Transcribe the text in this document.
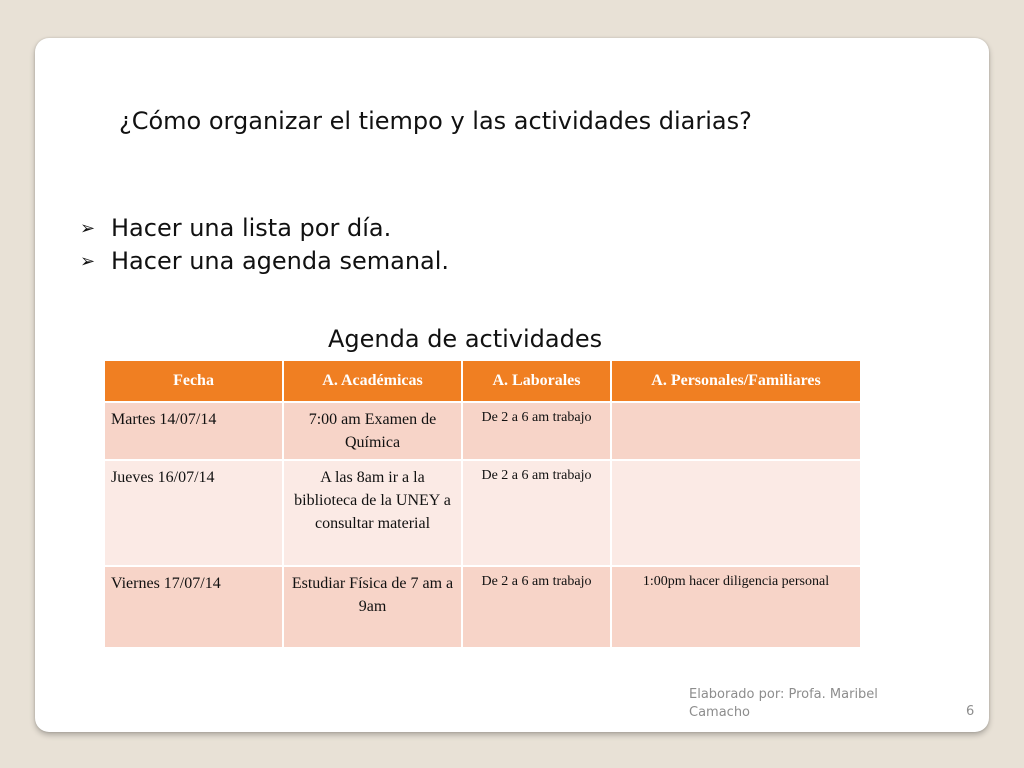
¿Cómo organizar el tiempo y las actividades diarias?
➢ Hacer una lista por día.
➢ Hacer una agenda semanal.
Agenda de actividades
Fecha	A. Académicas	A. Laborales	A. Personales/Familiares
Martes 14/07/14	7:00 am Examen de Química	De 2 a 6 am trabajo	
Jueves 16/07/14	A las 8am ir a la biblioteca de la UNEY a consultar material	De 2 a 6 am trabajo	
Viernes 17/07/14	Estudiar Física de 7 am a 9am	De 2 a 6 am trabajo	1:00pm hacer diligencia personal
Elaborado por: Profa. Maribel Camacho	6
